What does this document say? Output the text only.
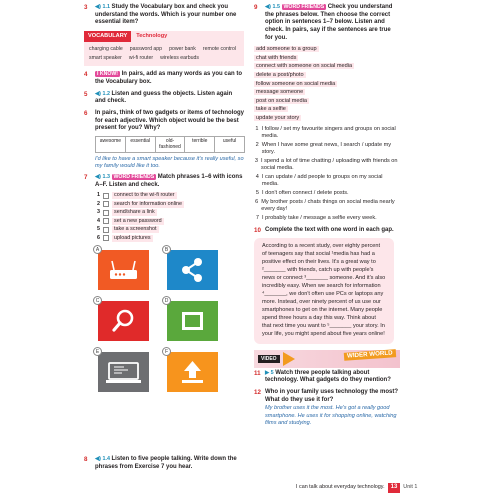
3	◀) 1.1 Study the Vocabulary box and check you understand the words. Which is your number one essential item?
VOCABULARY	Technology
charging cable password app power bank remote control
smart speaker wi-fi router wireless earbuds
4	I KNOW! In pairs, add as many words as you can to the Vocabulary box.
5	◀) 1.2 Listen and guess the objects. Listen again and check.
6	In pairs, think of two gadgets or items of technology for each adjective. Which object would be the best present for you? Why?
awesome	essential	old-fashioned
terrible	useful
I'd like to have a smart speaker because it's really useful, so my family would like it too.
7	◀) 1.3 WORD FRIENDS Match phrases 1–6 with icons A–F. Listen and check.
1	connect to the wi-fi router
2	search for information online
3	send/share a link
4	set a new password
5	take a screenshot
6	upload pictures
A	B
C	D
E	F
8	◀) 1.4 Listen to five people talking. Write down the phrases from Exercise 7 you hear.
9	◀) 1.5 WORD FRIENDS Check you understand the phrases below. Then choose the correct option in sentences 1–7 below. Listen and check. In pairs, say if the sentences are true for you.
add someone to a group
chat with friends
connect with someone on social media
delete a post/photo
follow someone on social media
message someone
post on social media
take a selfie
update your story
1 I follow / set my favourite singers and groups on social media.
2 When I have some great news, I search / update my story.
3 I spend a lot of time chatting / uploading with friends on social media.
4 I can update / add people to groups on my social media.
5 I don't often connect / delete posts.
6 My brother posts / chats things on social media nearly every day!
7 I probably take / message a selfie every week.
10 Complete the text with one word in each gap.
According to a recent study, over eighty percent of teenagers say that social ¹media has had a positive effect on their lives. It's a great way to ²_______ with friends, catch up with people's news or connect ³_______ someone. And it's also incredibly easy. When we search for information ⁴_______, we don't often use PCs or laptops any more. Instead, over ninety percent of us use our smartphones to get on the internet. Many people spend three hours a day this way. Think about that next time you want to ⁵_______ your story. In your life, you might spend about five years online!
VIDEO	WIDER WORLD
11 ▶ 5 Watch three people talking about technology. What gadgets do they mention?
12 Who in your family uses technology the most? What do they use it for?
My brother uses it the most. He's got a really good smartphone. He uses it for shopping online, watching films and studying.
I can talk about everyday technology.	13	Unit 1
